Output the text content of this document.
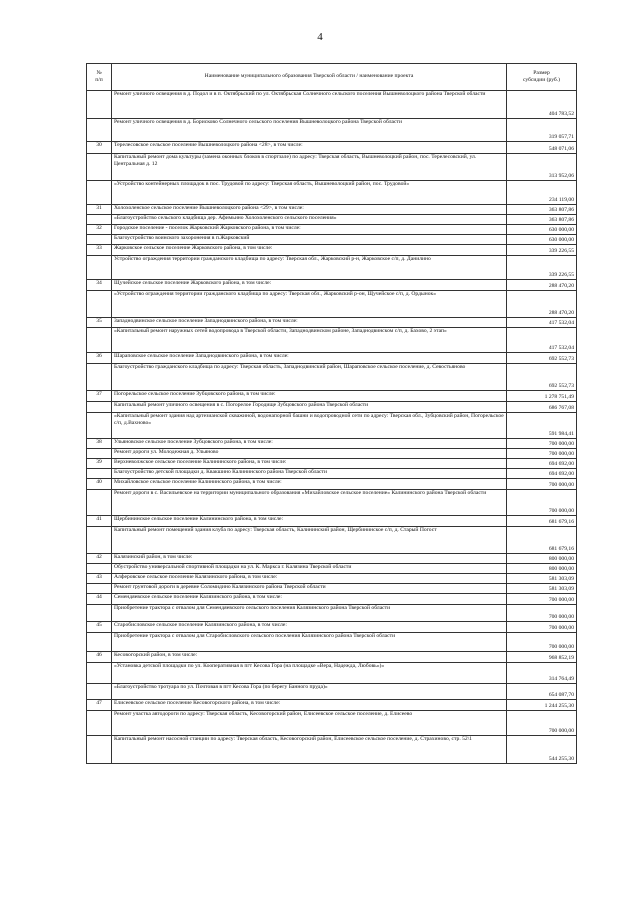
4
№
п/п	Наименование муниципального образования Тверской области / наименование проекта	Размер
субсидии (руб.)
	Ремонт уличного освещения в д. Подол и в п. Октябрьский по ул. Октябрьская Солнечного сельского поселения Вышневолоцкого района Тверской области	404 783,52
	Ремонт уличного освещения в д. Борисково Солнечного сельского поселения Вышневолоцкого района Тверской области	319 057,71
30	Терелесовское сельское поселение Вышневолоцкого района <28>, в том числе:	548 071,06
	Капитальный ремонт дома культуры (замена оконных блоков в спортзале) по адресу: Тверская область, Вышневолоцкий район, пос. Терелесовский, ул. Центральная д. 12	313 952,06
	«Устройство контейнерных площадок в пос. Трудовой по адресу: Тверская область, Вышневолоцкий район, пос. Трудовой»	234 119,00
31	Холохоленское сельское поселение Вышневолоцкого района <29>, в том числе:	363 807,86
	«Благоустройство сельского кладбища дер. Афимьино Холохоленского сельского поселения»	363 807,86
32	Городское поселение - поселок Жарковский Жарковского района, в том числе:	630 000,00
	Благоустройство воинского захоронения в п.Жарковский	630 000,00
33	Жарковское сельское поселение Жарковского района, в том числе:	339 226,55
	Устройство ограждения территории гражданского кладбища по адресу: Тверская обл., Жарковский р-н, Жарковское с/п, д. Данилино	339 226,55
34	Щучейское сельское поселение Жарковского района, в том числе:	288 470,20
	«Устройство ограждения территории гражданского кладбища по адресу: Тверская обл., Жарковский р-он, Щучейское с/п, д. Ордынок»	288 470,20
35	Западнодвинское сельское поселение Западнодвинского района, в том числе:	417 532,04
	«Капитальный ремонт наружных сетей водопровода в Тверской области, Западнодвинском районе, Западнодвинском с/п, д. Бахово, 2 этап»	417 532,04
36	Шараповское сельское поселение Западнодвинского района, в том числе:	692 552,73
	Благоустройство гражданского кладбища по адресу: Тверская область, Западнодвинский район, Шараповское сельское поселение, д. Севостьяново	692 552,73
37	Погорельское сельское поселение Зубцовского района, в том числе:	1 278 751,49
	Капитальный ремонт уличного освещения в с. Погорелое Городище Зубцовского района Тверской области	686 767,08
	«Капитальный ремонт здания над артезианской скважиной, водонапорной башни и водопроводной сети по адресу: Тверская обл., Зубцовский район, Погорельское с/п, д.Вахново»	591 984,41
38	Ульяновское сельское поселение Зубцовского района, в том числе:	700 000,00
	Ремонт дороги ул. Молодежная д. Ульяново	700 000,00
39	Верхневолжское сельское поселение Калининского района, в том числе:	694 692,00
	Благоустройство детской площадки д. Квакшино Калининского района Тверской области	694 692,00
40	Михайловское сельское поселение Калининского района, в том числе:	700 000,00
	Ремонт дороги в с. Васильевское на территории муниципального образования «Михайловское сельское поселение» Калининского района Тверской области	700 000,00
41	Щербининское сельское поселение Калининского района, в том числе:	681 679,16
	Капитальный ремонт помещений здания клуба по адресу: Тверская область, Калининский район, Щербининское с/п, д. Старый Погост	681 679,16
42	Калязинский район, в том числе:	800 000,00
	Обустройство универсальной спортивной площадки на ул. К. Маркса г. Калязина Тверской области	800 000,00
43	Алферовское сельское поселение Калязинского района, в том числе:	581 303,09
	Ремонт грунтовой дороги в деревне Соломидино Калязинского района Тверской области	581 303,09
44	Семендяевское сельское поселение Калязинского района, в том числе:	700 000,00
	Приобретение трактора с отвалом для Семендяевского сельского поселения Калязинского района Тверской области	700 000,00
45	Старобисловское сельское поселение Калязинского района, в том числе:	700 000,00
	Приобретение трактора с отвалом для Старобисловского сельского поселения Калязинского района Тверской области	700 000,00
46	Кесовогорский район, в том числе:	968 852,19
	«Установка детской площадки по ул. Кооперативная в пгт Кесова Гора (на площадке «Вера, Надежда, Любовь»)»	314 764,49
	«Благоустройство тротуара по ул. Почтовая в пгт Кесова Гора (по берегу Банного пруда)»	654 087,70
47	Елисеевское сельское поселение Кесовогорского района, в том числе:	1 244 255,30
	Ремонт участка автодороги по адресу: Тверская область, Кесовогорский район, Елисеевское сельское поселение, д. Елисеево	700 000,00
	Капитальный ремонт насосной станции по адресу: Тверская область, Кесовогорский район, Елисеевское сельское поселение, д. Страхиново, стр. 52\1	544 255,30
